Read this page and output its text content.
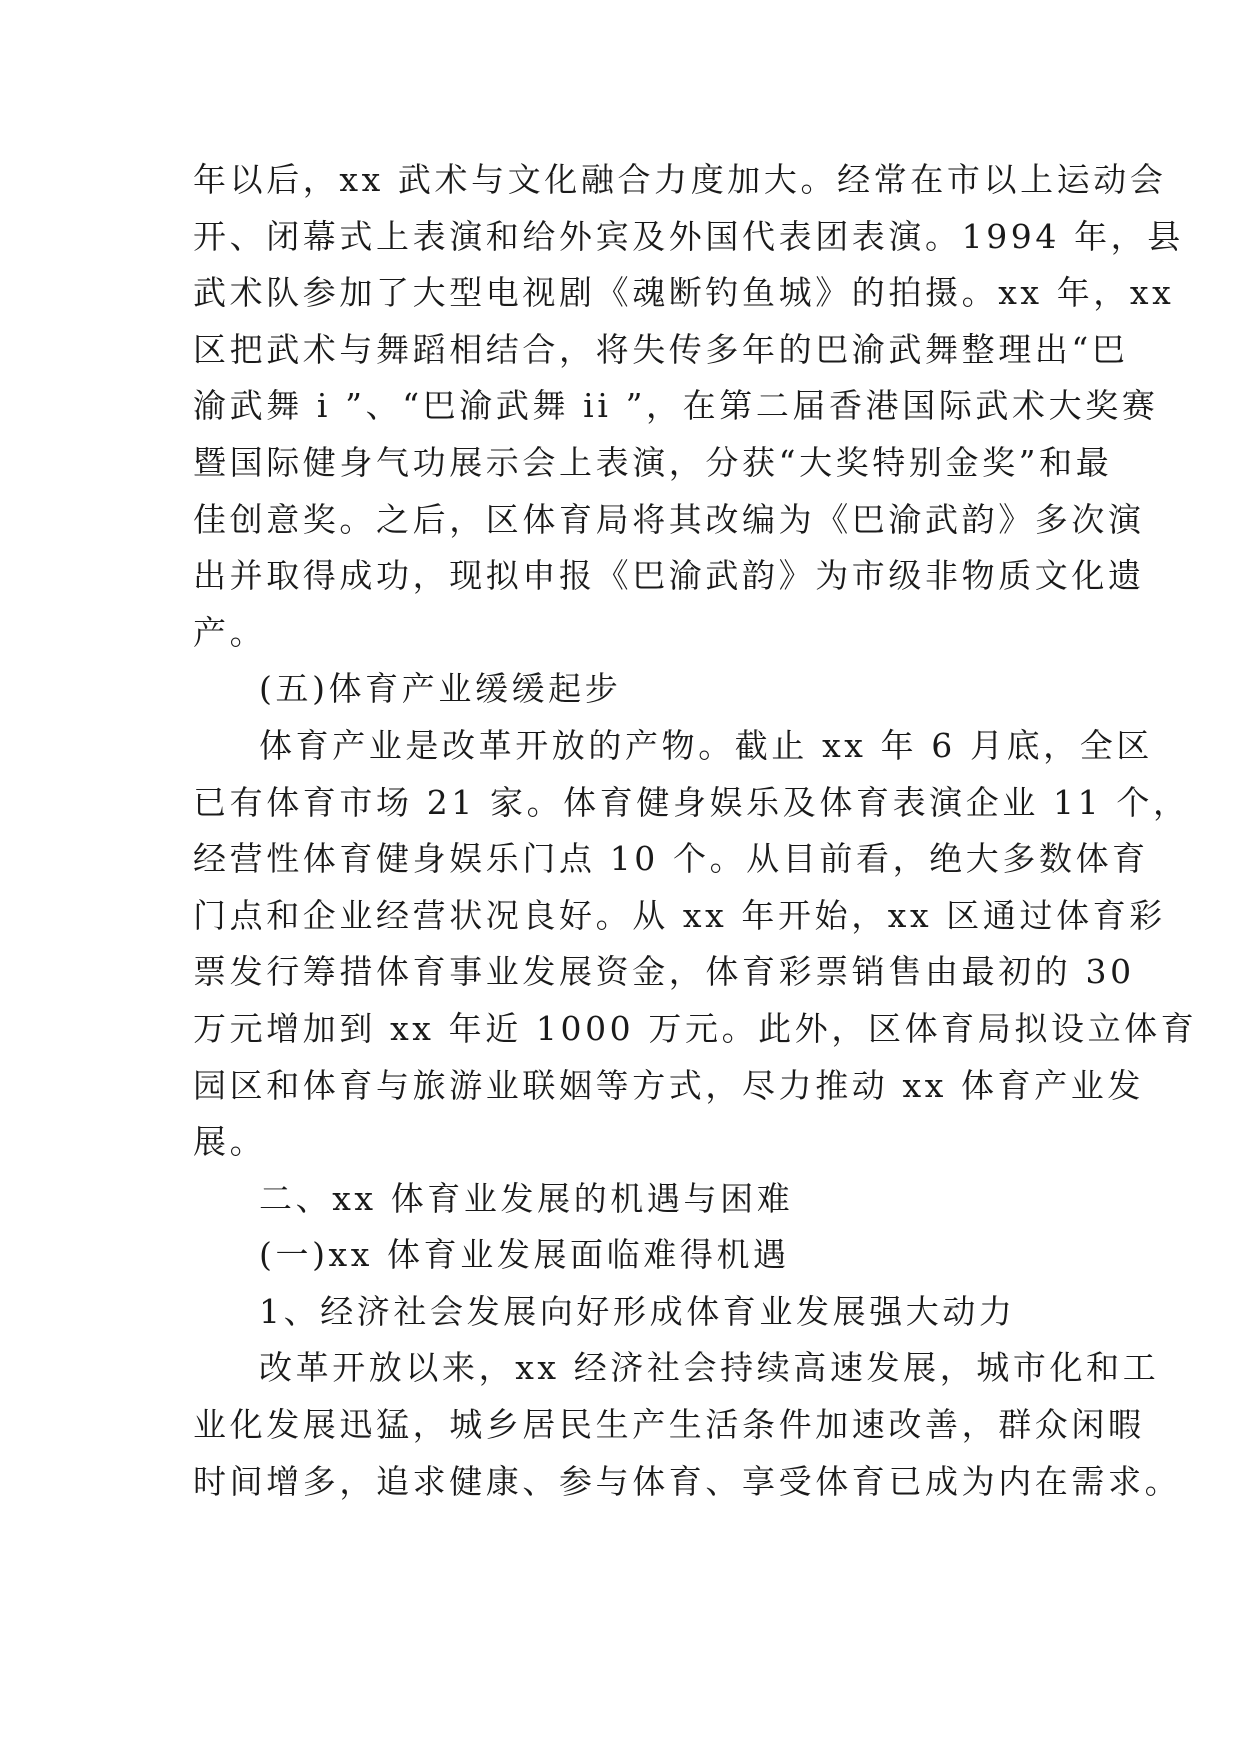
年以后，xx 武术与文化融合力度加大。经常在市以上运动会
开、闭幕式上表演和给外宾及外国代表团表演。1994 年，县
武术队参加了大型电视剧《魂断钓鱼城》的拍摄。xx 年，xx
区把武术与舞蹈相结合，将失传多年的巴渝武舞整理出“巴
渝武舞 i ”、“巴渝武舞 ii ”，在第二届香港国际武术大奖赛
暨国际健身气功展示会上表演，分获“大奖特别金奖”和最
佳创意奖。之后，区体育局将其改编为《巴渝武韵》多次演
出并取得成功，现拟申报《巴渝武韵》为市级非物质文化遗
产。
(五)体育产业缓缓起步
体育产业是改革开放的产物。截止 xx 年 6 月底，全区
已有体育市场 21 家。体育健身娱乐及体育表演企业 11 个，
经营性体育健身娱乐门点 10 个。从目前看，绝大多数体育
门点和企业经营状况良好。从 xx 年开始，xx 区通过体育彩
票发行筹措体育事业发展资金，体育彩票销售由最初的 30
万元增加到 xx 年近 1000 万元。此外，区体育局拟设立体育
园区和体育与旅游业联姻等方式，尽力推动 xx 体育产业发
展。
二、xx 体育业发展的机遇与困难
(一)xx 体育业发展面临难得机遇
1、经济社会发展向好形成体育业发展强大动力
改革开放以来，xx 经济社会持续高速发展，城市化和工
业化发展迅猛，城乡居民生产生活条件加速改善，群众闲暇
时间增多，追求健康、参与体育、享受体育已成为内在需求。
